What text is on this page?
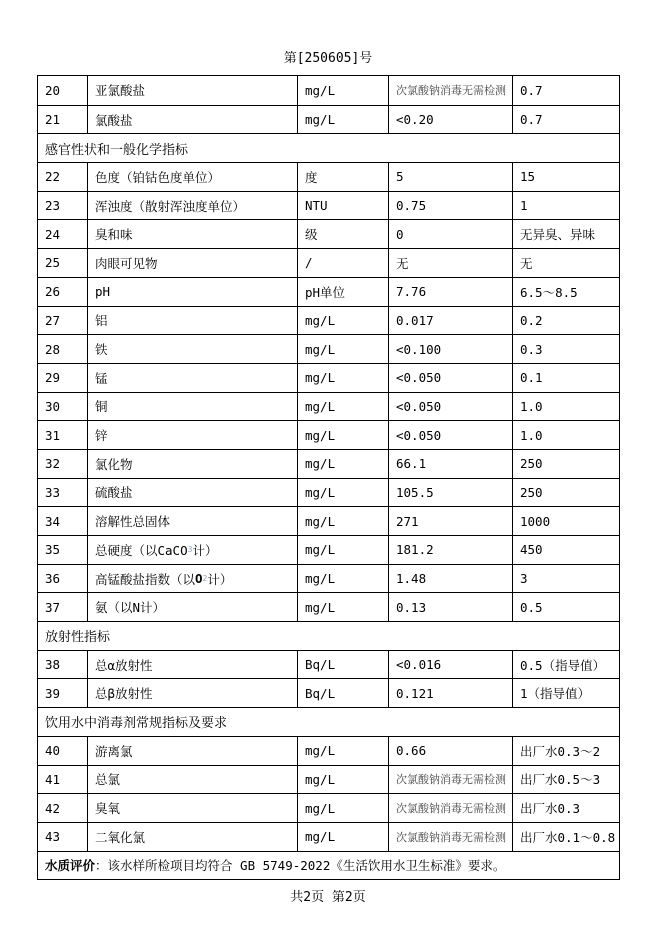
第[250605]号
20	亚氯酸盐	mg/L	次氯酸钠消毒无需检测	0.7
21	氯酸盐	mg/L	<0.20	0.7
感官性状和一般化学指标
22	色度（铂钴色度单位）	度	5	15
23	浑浊度（散射浑浊度单位）	NTU	0.75	1
24	臭和味	级	0	无异臭、异味
25	肉眼可见物	/	无	无
26	pH	pH单位	7.76	6.5～8.5
27	铝	mg/L	0.017	0.2
28	铁	mg/L	<0.100	0.3
29	锰	mg/L	<0.050	0.1
30	铜	mg/L	<0.050	1.0
31	锌	mg/L	<0.050	1.0
32	氯化物	mg/L	66.1	250
33	硫酸盐	mg/L	105.5	250
34	溶解性总固体	mg/L	271	1000
35	总硬度（以CaCO 3 计）	mg/L	181.2	450
36	高锰酸盐指数（以 O 2 计）	mg/L	1.48	3
37	氨（以N计）	mg/L	0.13	0.5
放射性指标
38	总α放射性	Bq/L	<0.016	0.5（指导值）
39	总β放射性	Bq/L	0.121	1（指导值）
饮用水中消毒剂常规指标及要求
40	游离氯	mg/L	0.66	出厂水0.3～2
41	总氯	mg/L	次氯酸钠消毒无需检测	出厂水0.5～3
42	臭氧	mg/L	次氯酸钠消毒无需检测	出厂水0.3
43	二氧化氯	mg/L	次氯酸钠消毒无需检测	出厂水0.1～0.8
水质评价 ：该水样所检项目均符合 GB 5749-2022《生活饮用水卫生标准》要求。
共2页 第2页
